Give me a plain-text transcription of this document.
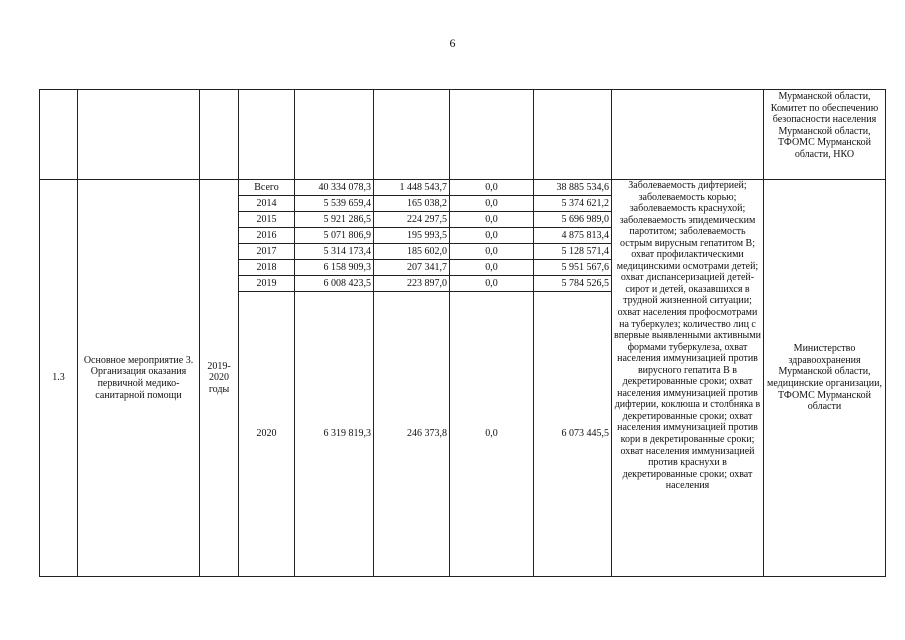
6
									Мурманской области, Комитет по обеспечению безопасности населения Мурманской области, ТФОМС Мурманской области, НКО
1.3	Основное мероприятие 3. Организация оказания первичной медико-санитарной помощи	2019-2020 годы	Всего	40 334 078,3	1 448 543,7	0,0	38 885 534,6	Заболеваемость дифтерией; заболеваемость корью; заболеваемость краснухой; заболеваемость эпидемическим паротитом; заболеваемость острым вирусным гепатитом В; охват профилактическими медицинскими осмотрами детей; охват диспансеризацией детей-сирот и детей, оказавшихся в трудной жизненной ситуации; охват населения профосмотрами на туберкулез; количество лиц с впервые выявленными активными формами туберкулеза, охват населения иммунизацией против вирусного гепатита В в декретированные сроки; охват населения иммунизацией против дифтерии, коклюша и столбняка в декретированные сроки; охват населения иммунизацией против кори в декретированные сроки; охват населения иммунизацией против краснухи в декретированные сроки; охват населения	Министерство здравоохранения Мурманской области, медицинские организации, ТФОМС Мурманской области
			2014	5 539 659,4	165 038,2	0,0	5 374 621,2		
			2015	5 921 286,5	224 297,5	0,0	5 696 989,0		
			2016	5 071 806,9	195 993,5	0,0	4 875 813,4		
			2017	5 314 173,4	185 602,0	0,0	5 128 571,4		
			2018	6 158 909,3	207 341,7	0,0	5 951 567,6		
			2019	6 008 423,5	223 897,0	0,0	5 784 526,5		
			2020	6 319 819,3	246 373,8	0,0	6 073 445,5		
